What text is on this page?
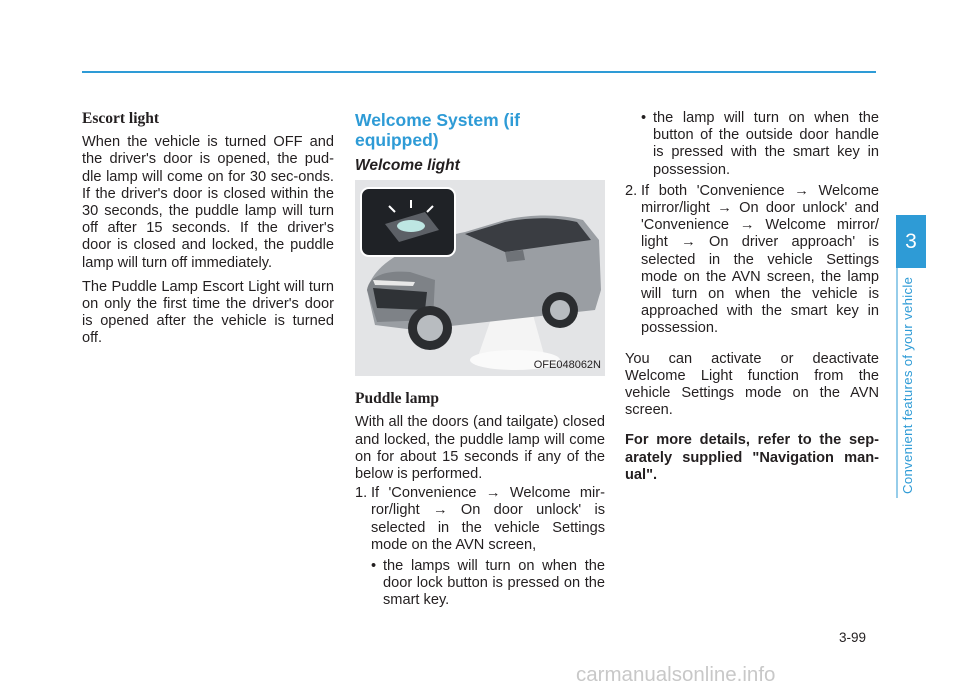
Escort light

When the vehicle is turned OFF and the driver's door is opened, the pud-dle lamp will come on for 30 sec-onds. If the driver's door is closed within the 30 seconds, the puddle lamp will turn off after 15 seconds. If the driver's door is closed and locked, the puddle lamp will turn off immediately.

The Puddle Lamp Escort Light will turn on only the first time the driver's door is opened after the vehicle is turned off.

Welcome System (if equipped)
Welcome light
OFE048062N
Puddle lamp

With all the doors (and tailgate) closed and locked, the puddle lamp will come on for about 15 seconds if any of the below is performed.

1. If 'Convenience → Welcome mir-ror/light → On door unlock' is selected in the vehicle Settings mode on the AVN screen,
• the lamps will turn on when the door lock button is pressed on the smart key.
• the lamp will turn on when the button of the outside door handle is pressed with the smart key in possession.
2. If both 'Convenience → Welcome mirror/light → On door unlock' and 'Convenience → Welcome mirror/ light → On driver approach' is selected in the vehicle Settings mode on the AVN screen, the lamp will turn on when the vehicle is approached with the smart key in possession.

You can activate or deactivate Welcome Light function from the vehicle Settings mode on the AVN screen.

For more details, refer to the sep-arately supplied "Navigation man-ual".

3
Convenient features of your vehicle
3-99
carmanualsonline.info
